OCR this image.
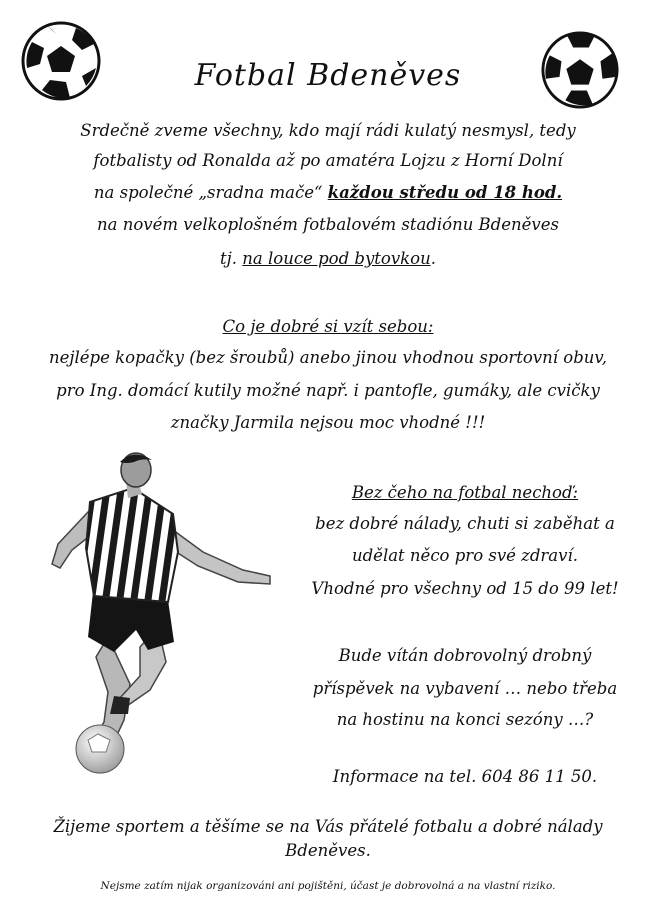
Fotbal Bdeněves
Srdečně zveme všechny, kdo mají rádi kulatý nesmysl, tedy
fotbalisty od Ronalda až po amatéra Lojzu z Horní Dolní
na společné „sradna mače“ každou středu od 18 hod.
na novém velkoplošném fotbalovém stadiónu Bdeněves
tj. na louce pod bytovkou.
Co je dobré si vzít sebou:
nejlépe kopačky (bez šroubů) anebo jinou vhodnou sportovní obuv,
pro Ing. domácí kutily možné např. i pantofle, gumáky, ale cvičky
značky Jarmila nejsou moc vhodné !!!
Bez čeho na fotbal nechoď:
bez dobré nálady, chuti si zaběhat a
udělat něco pro své zdraví.
Vhodné pro všechny od 15 do 99 let!
Bude vítán dobrovolný drobný
příspěvek na vybavení … nebo třeba
na hostinu na konci sezóny …?
Informace na tel. 604 86 11 50.
Žijeme sportem a těšíme se na Vás přátelé fotbalu a dobré nálady
Bdeněves.
Nejsme zatím nijak organizováni ani pojištěni, účast je dobrovolná a na vlastní riziko.
